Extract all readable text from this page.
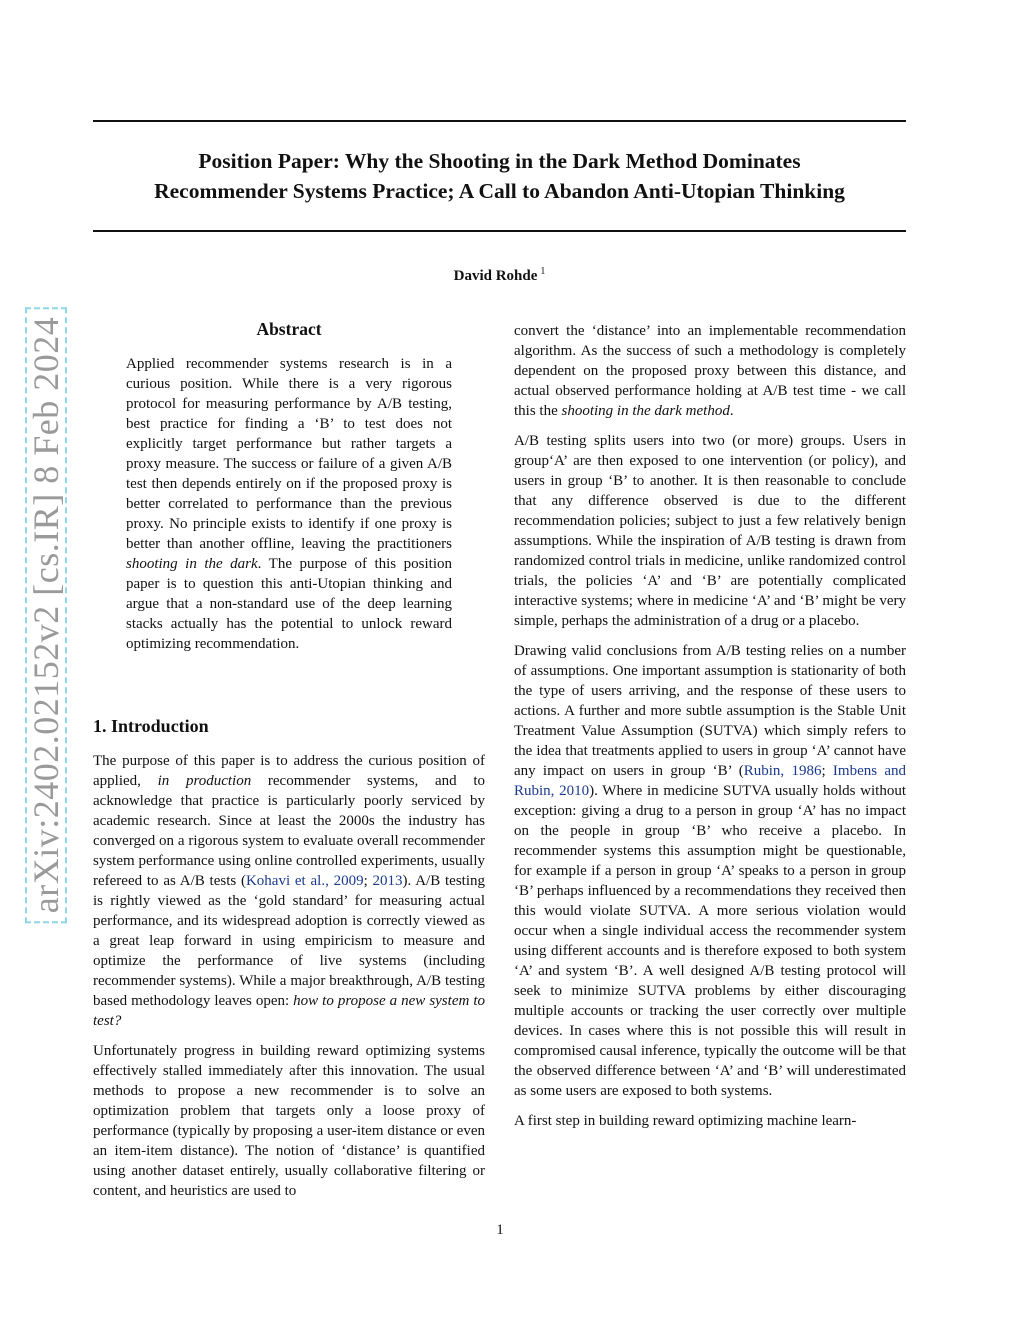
Position Paper: Why the Shooting in the Dark Method Dominates
Recommender Systems Practice; A Call to Abandon Anti-Utopian Thinking
David Rohde $^1$
arXiv:2402.02152v2 [cs.IR] 8 Feb 2024	Abstract
Applied recommender systems research is in a curious position. While there is a very rigorous protocol for measuring performance by A/B testing, best practice for finding a ‘B’ to test does not explicitly target performance but rather targets a proxy measure. The success or failure of a given A/B test then depends entirely on if the proposed proxy is better correlated to performance than the previous proxy. No principle exists to identify if one proxy is better than another offline, leaving the practitioners shooting in the dark. The purpose of this position paper is to question this anti-Utopian thinking and argue that a non-standard use of the deep learning stacks actually has the potential to unlock reward optimizing recommendation.
1. Introduction

The purpose of this paper is to address the curious position of applied, in production recommender systems, and to acknowledge that practice is particularly poorly serviced by academic research. Since at least the 2000s the industry has converged on a rigorous system to evaluate overall recommender system performance using online controlled experiments, usually refereed to as A/B tests (Kohavi et al., 2009; 2013). A/B testing is rightly viewed as the ‘gold standard’ for measuring actual performance, and its widespread adoption is correctly viewed as a great leap forward in using empiricism to measure and optimize the performance of live systems (including recommender systems). While a major breakthrough, A/B testing based methodology leaves open: how to propose a new system to test?

Unfortunately progress in building reward optimizing systems effectively stalled immediately after this innovation. The usual methods to propose a new recommender is to solve an optimization problem that targets only a loose proxy of performance (typically by proposing a user-item distance or even an item-item distance). The notion of ‘distance’ is quantified using another dataset entirely, usually collaborative filtering or content, and heuristics are used to

convert the ‘distance’ into an implementable recommendation algorithm. As the success of such a methodology is completely dependent on the proposed proxy between this distance, and actual observed performance holding at A/B test time - we call this the shooting in the dark method.

A/B testing splits users into two (or more) groups. Users in group‘A’ are then exposed to one intervention (or policy), and users in group ‘B’ to another. It is then reasonable to conclude that any difference observed is due to the different recommendation policies; subject to just a few relatively benign assumptions. While the inspiration of A/B testing is drawn from randomized control trials in medicine, unlike randomized control trials, the policies ‘A’ and ‘B’ are potentially complicated interactive systems; where in medicine ‘A’ and ‘B’ might be very simple, perhaps the administration of a drug or a placebo.

Drawing valid conclusions from A/B testing relies on a number of assumptions. One important assumption is stationarity of both the type of users arriving, and the response of these users to actions. A further and more subtle assumption is the Stable Unit Treatment Value Assumption (SUTVA) which simply refers to the idea that treatments applied to users in group ‘A’ cannot have any impact on users in group ‘B’ (Rubin, 1986; Imbens and Rubin, 2010). Where in medicine SUTVA usually holds without exception: giving a drug to a person in group ‘A’ has no impact on the people in group ‘B’ who receive a placebo. In recommender systems this assumption might be questionable, for example if a person in group ‘A’ speaks to a person in group ‘B’ perhaps influenced by a recommendations they received then this would violate SUTVA. A more serious violation would occur when a single individual access the recommender system using different accounts and is therefore exposed to both system ‘A’ and system ‘B’. A well designed A/B testing protocol will seek to minimize SUTVA problems by either discouraging multiple accounts or tracking the user correctly over multiple devices. In cases where this is not possible this will result in compromised causal inference, typically the outcome will be that the observed difference between ‘A’ and ‘B’ will underestimated as some users are exposed to both systems.

A first step in building reward optimizing machine learn-

1
